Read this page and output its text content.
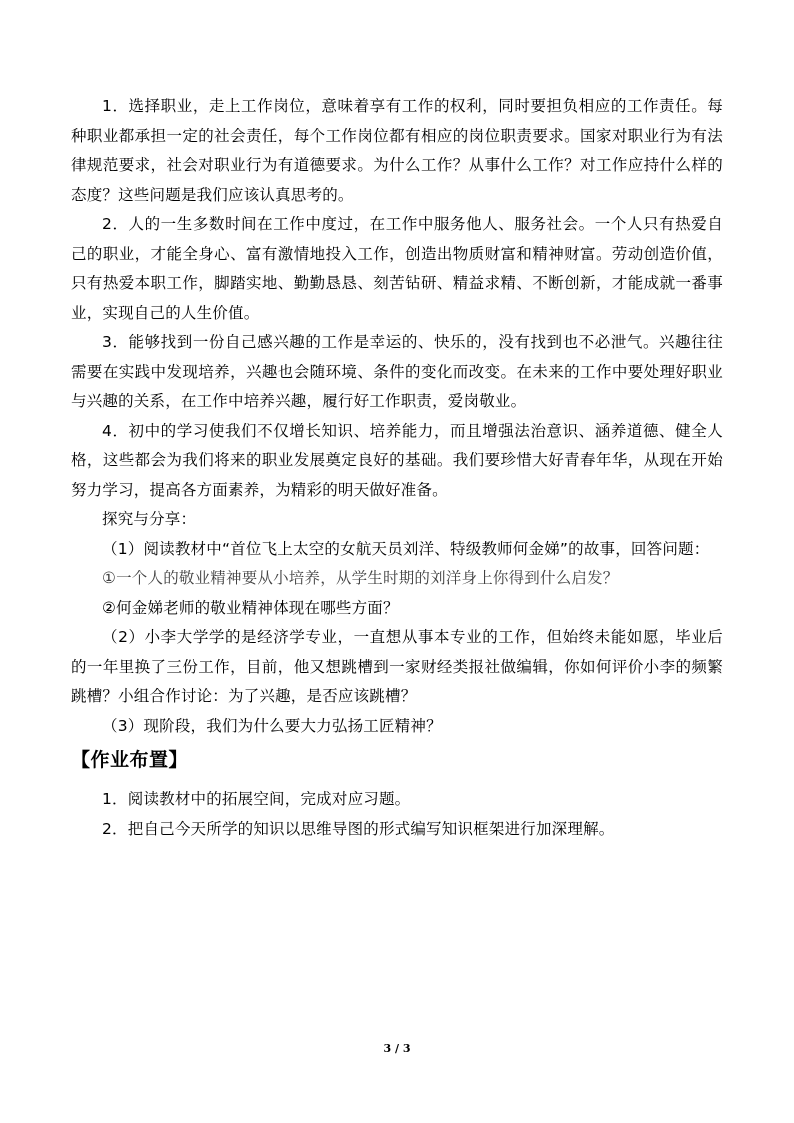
1．选择职业，走上工作岗位，意味着享有工作的权利，同时要担负相应的工作责任。每种职业都承担一定的社会责任，每个工作岗位都有相应的岗位职责要求。国家对职业行为有法律规范要求，社会对职业行为有道德要求。为什么工作？从事什么工作？对工作应持什么样的态度？这些问题是我们应该认真思考的。

2．人的一生多数时间在工作中度过，在工作中服务他人、服务社会。一个人只有热爱自己的职业，才能全身心、富有激情地投入工作，创造出物质财富和精神财富。劳动创造价值，只有热爱本职工作，脚踏实地、勤勤恳恳、刻苦钻研、精益求精、不断创新，才能成就一番事业，实现自己的人生价值。

3．能够找到一份自己感兴趣的工作是幸运的、快乐的，没有找到也不必泄气。兴趣往往需要在实践中发现培养，兴趣也会随环境、条件的变化而改变。在未来的工作中要处理好职业与兴趣的关系，在工作中培养兴趣，履行好工作职责，爱岗敬业。

4．初中的学习使我们不仅增长知识、培养能力，而且增强法治意识、涵养道德、健全人格，这些都会为我们将来的职业发展奠定良好的基础。我们要珍惜大好青春年华，从现在开始努力学习，提高各方面素养，为精彩的明天做好准备。

探究与分享：

（1）阅读教材中“首位飞上太空的女航天员刘洋、特级教师何金娣”的故事，回答问题：

①一个人的敬业精神要从小培养，从学生时期的刘洋身上你得到什么启发？

②何金娣老师的敬业精神体现在哪些方面？

（2）小李大学学的是经济学专业，一直想从事本专业的工作，但始终未能如愿，毕业后的一年里换了三份工作，目前，他又想跳槽到一家财经类报社做编辑，你如何评价小李的频繁跳槽？小组合作讨论：为了兴趣，是否应该跳槽？

（3）现阶段，我们为什么要大力弘扬工匠精神？

【作业布置】

1．阅读教材中的拓展空间，完成对应习题。

2．把自己今天所学的知识以思维导图的形式编写知识框架进行加深理解。

3 / 3
